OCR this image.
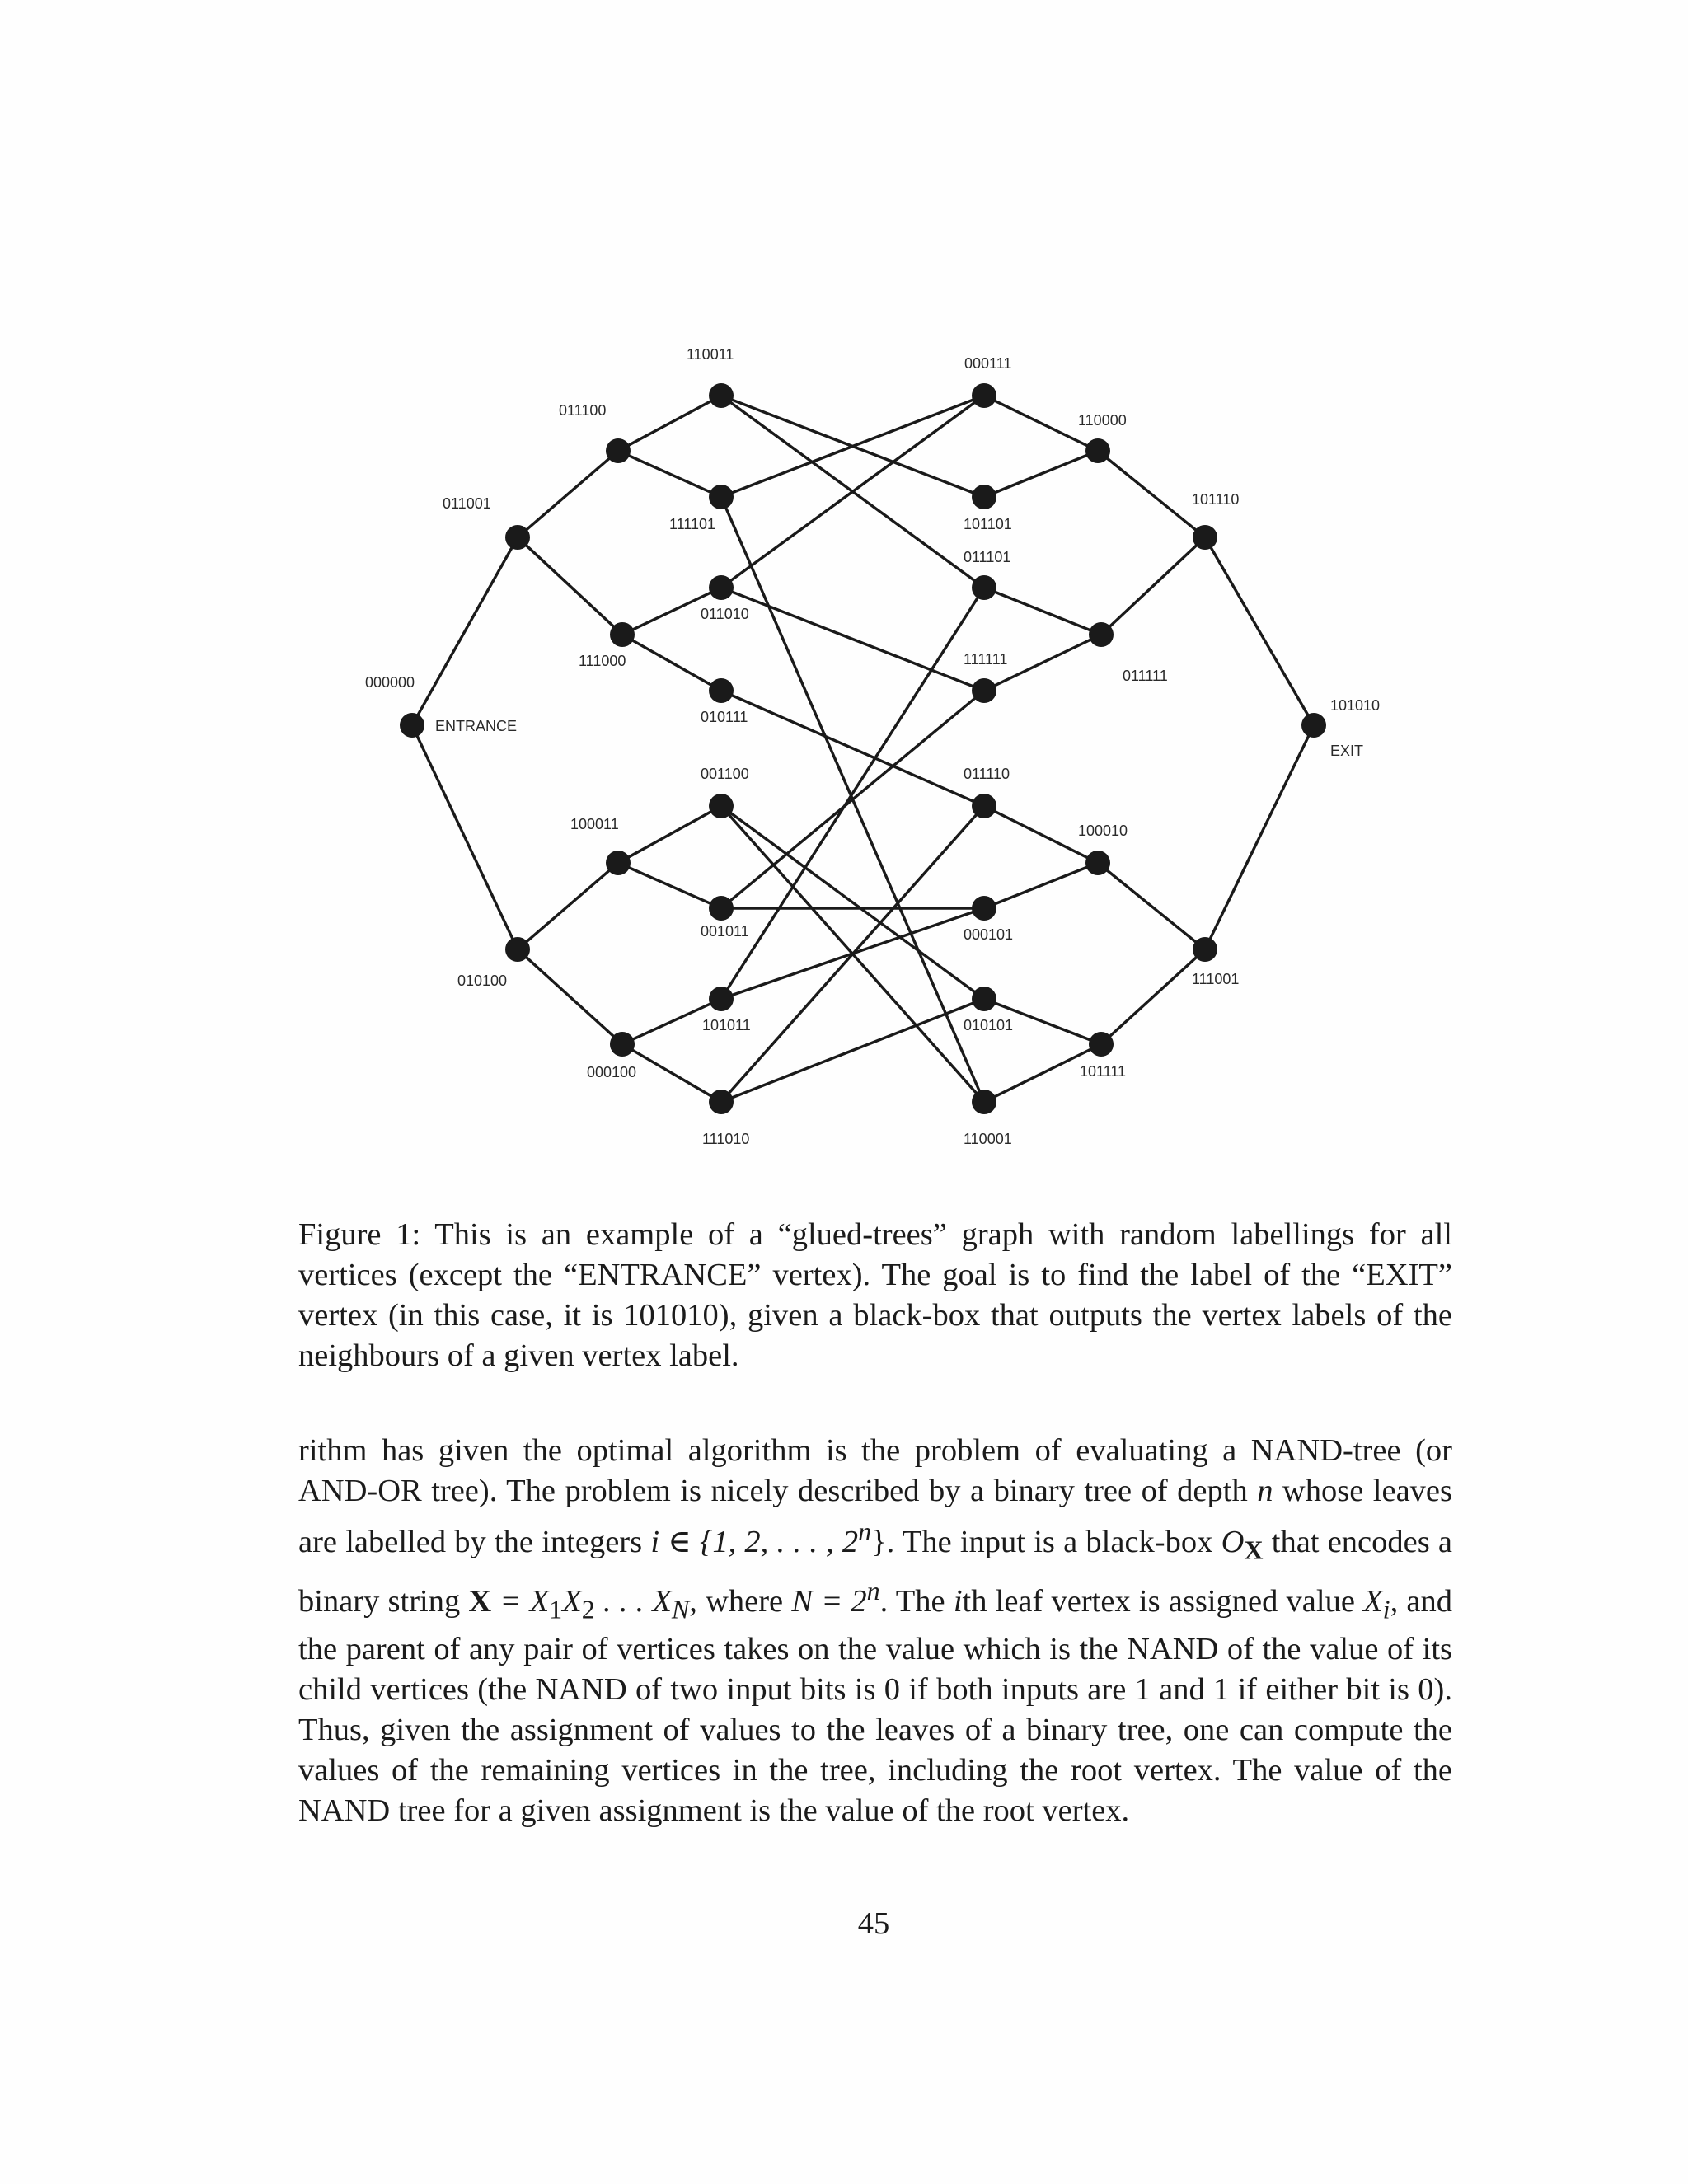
000000
ENTRANCE
011001
010100
011100
111000
100011
000100
110011
111101
011010
010111
001100
001011
101011
111010
000111
101101
011101
111111
011110
000101
010101
110001
110000
011111
100010
101111
101110
111001
101010
EXIT

Figure 1: This is an example of a “glued-trees” graph with random labellings for all vertices (except the “ENTRANCE” vertex). The goal is to find the label of the “EXIT” vertex (in this case, it is 101010), given a black-box that outputs the vertex labels of the neighbours of a given vertex label.

rithm has given the optimal algorithm is the problem of evaluating a NAND-tree (or AND-OR tree). The problem is nicely described by a binary tree of depth n whose leaves are labelled by the integers i ∈ {1, 2, . . . , 2$^n$}. The input is a black-box $O_X$ that encodes a binary string $X = X_1X_2$ . . . $X_N$, where $N = 2^n$. The ith leaf vertex is assigned value $X_i$, and the parent of any pair of vertices takes on the value which is the NAND of the value of its child vertices (the NAND of two input bits is 0 if both inputs are 1 and 1 if either bit is 0). Thus, given the assignment of values to the leaves of a binary tree, one can compute the values of the remaining vertices in the tree, including the root vertex. The value of the NAND tree for a given assignment is the value of the root vertex.

45
